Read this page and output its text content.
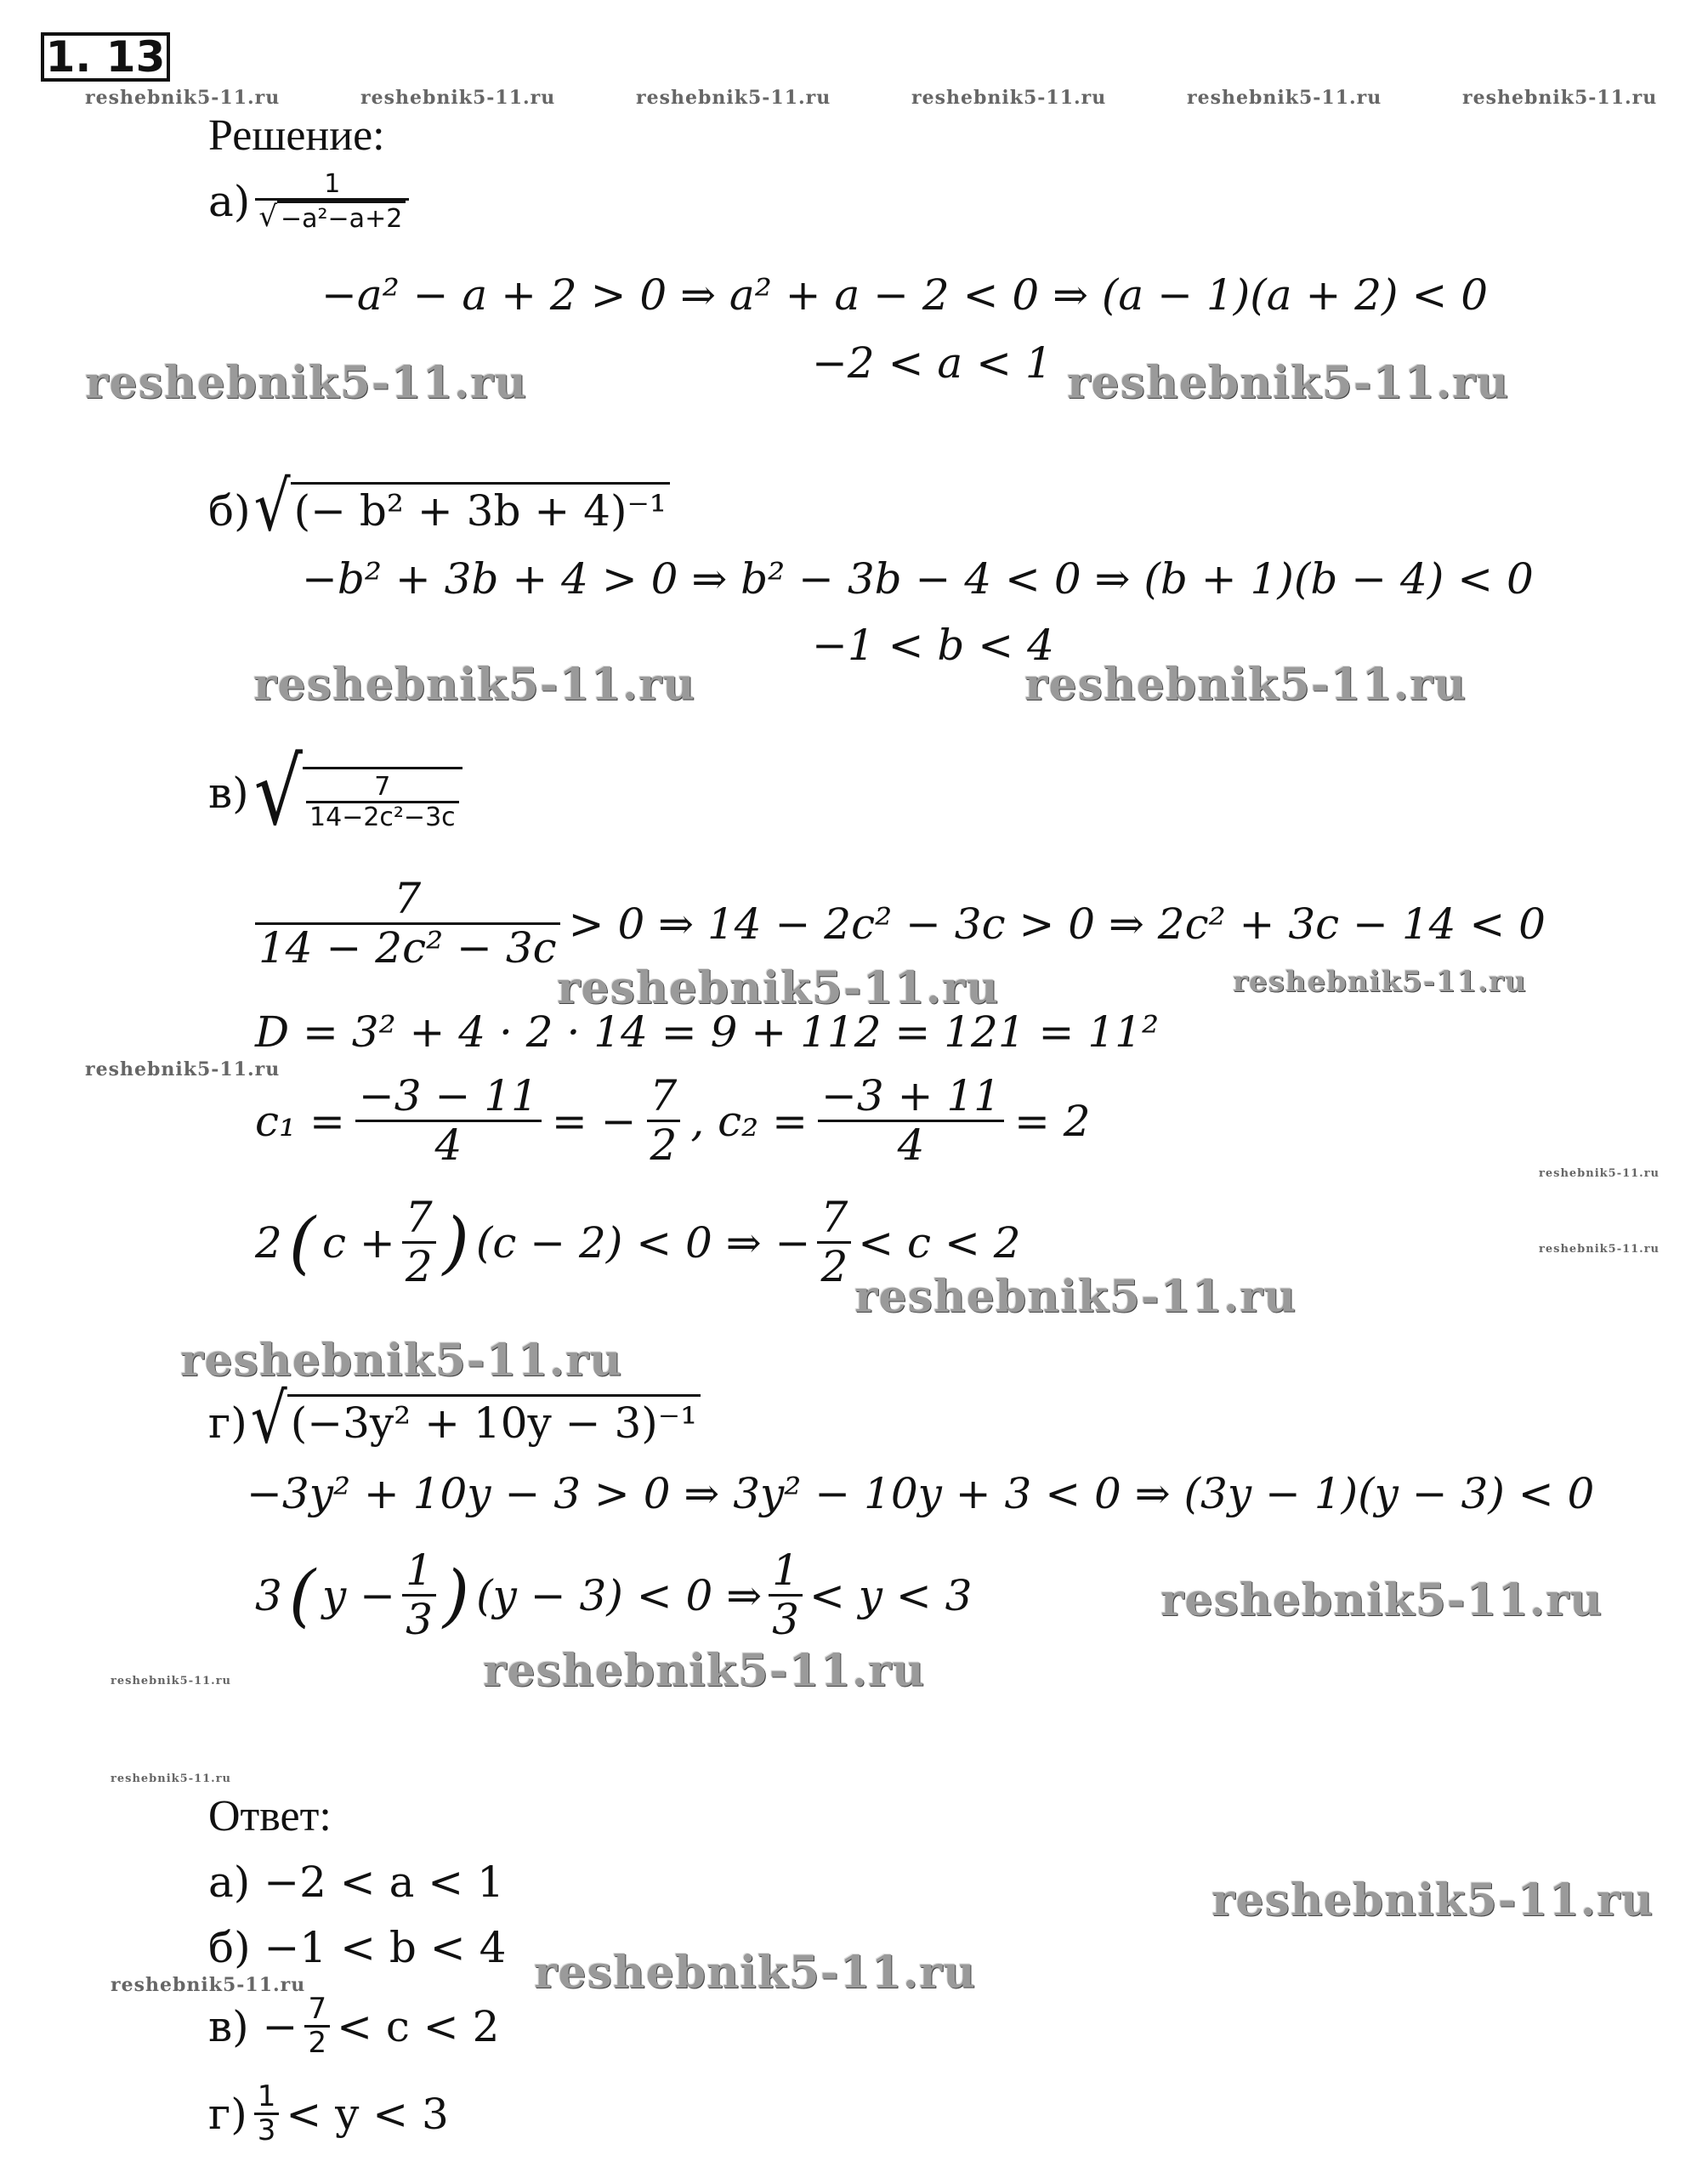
1. 13
reshebnik5-11.ru	reshebnik5-11.ru	reshebnik5-11.ru	reshebnik5-11.ru	reshebnik5-11.ru	reshebnik5-11.ru
Решение:
$а) \frac{1}{\text{√ −a²−a+2}}$
−a² − a + 2 > 0 ⇒ a² + a − 2 < 0 ⇒ (a − 1)(a + 2) < 0
−2 < a < 1
reshebnik5-11.ru	reshebnik5-11.ru
б) √ (− b² + 3b + 4)⁻¹
−b² + 3b + 4 > 0 ⇒ b² − 3b − 4 < 0 ⇒ (b + 1)(b − 4) < 0
−1 < b < 4
reshebnik5-11.ru	reshebnik5-11.ru
в) √ $\frac{7}{\text{14−2c²−3c}}$
$\frac{7}{\text{14 − 2c² − 3c}} > 0$ ⇒ 14 − 2c² − 3c > 0 ⇒ 2c² + 3c − 14 < 0
reshebnik5-11.ru	reshebnik5-11.ru
D = 3² + 4 · 2 · 14 = 9 + 112 = 121 = 11²
reshebnik5-11.ru
$c_1 = \frac{-3 - 11}{4}$ = − $\frac{7}{2}$ , $c_2 = \frac{-3 + 11}{4} = 2$
reshebnik5-11.ru
2 ( $c + \frac{7}{2}$ ) (c − 2) < 0 ⇒ − $\frac{7}{2} < c < 2$	reshebnik5-11.ru
reshebnik5-11.ru
reshebnik5-11.ru
г) √ (−3y² + 10y − 3)⁻¹
−3y² + 10y − 3 > 0 ⇒ 3y² − 10y + 3 < 0 ⇒ (3y − 1)(y − 3) < 0
3 ( $y - \frac{1}{3}$ ) (y − 3) < 0 ⇒ $\frac{1}{3} < y < 3$	reshebnik5-11.ru
reshebnik5-11.ru
reshebnik5-11.ru
reshebnik5-11.ru
Ответ:
а) −2 < a < 1	reshebnik5-11.ru
б) −1 < b < 4 reshebnik5-11.ru
reshebnik5-11.ru
$в) - \frac{7}{2} < c < 2$
$г) \frac{1}{3} < y < 3$
